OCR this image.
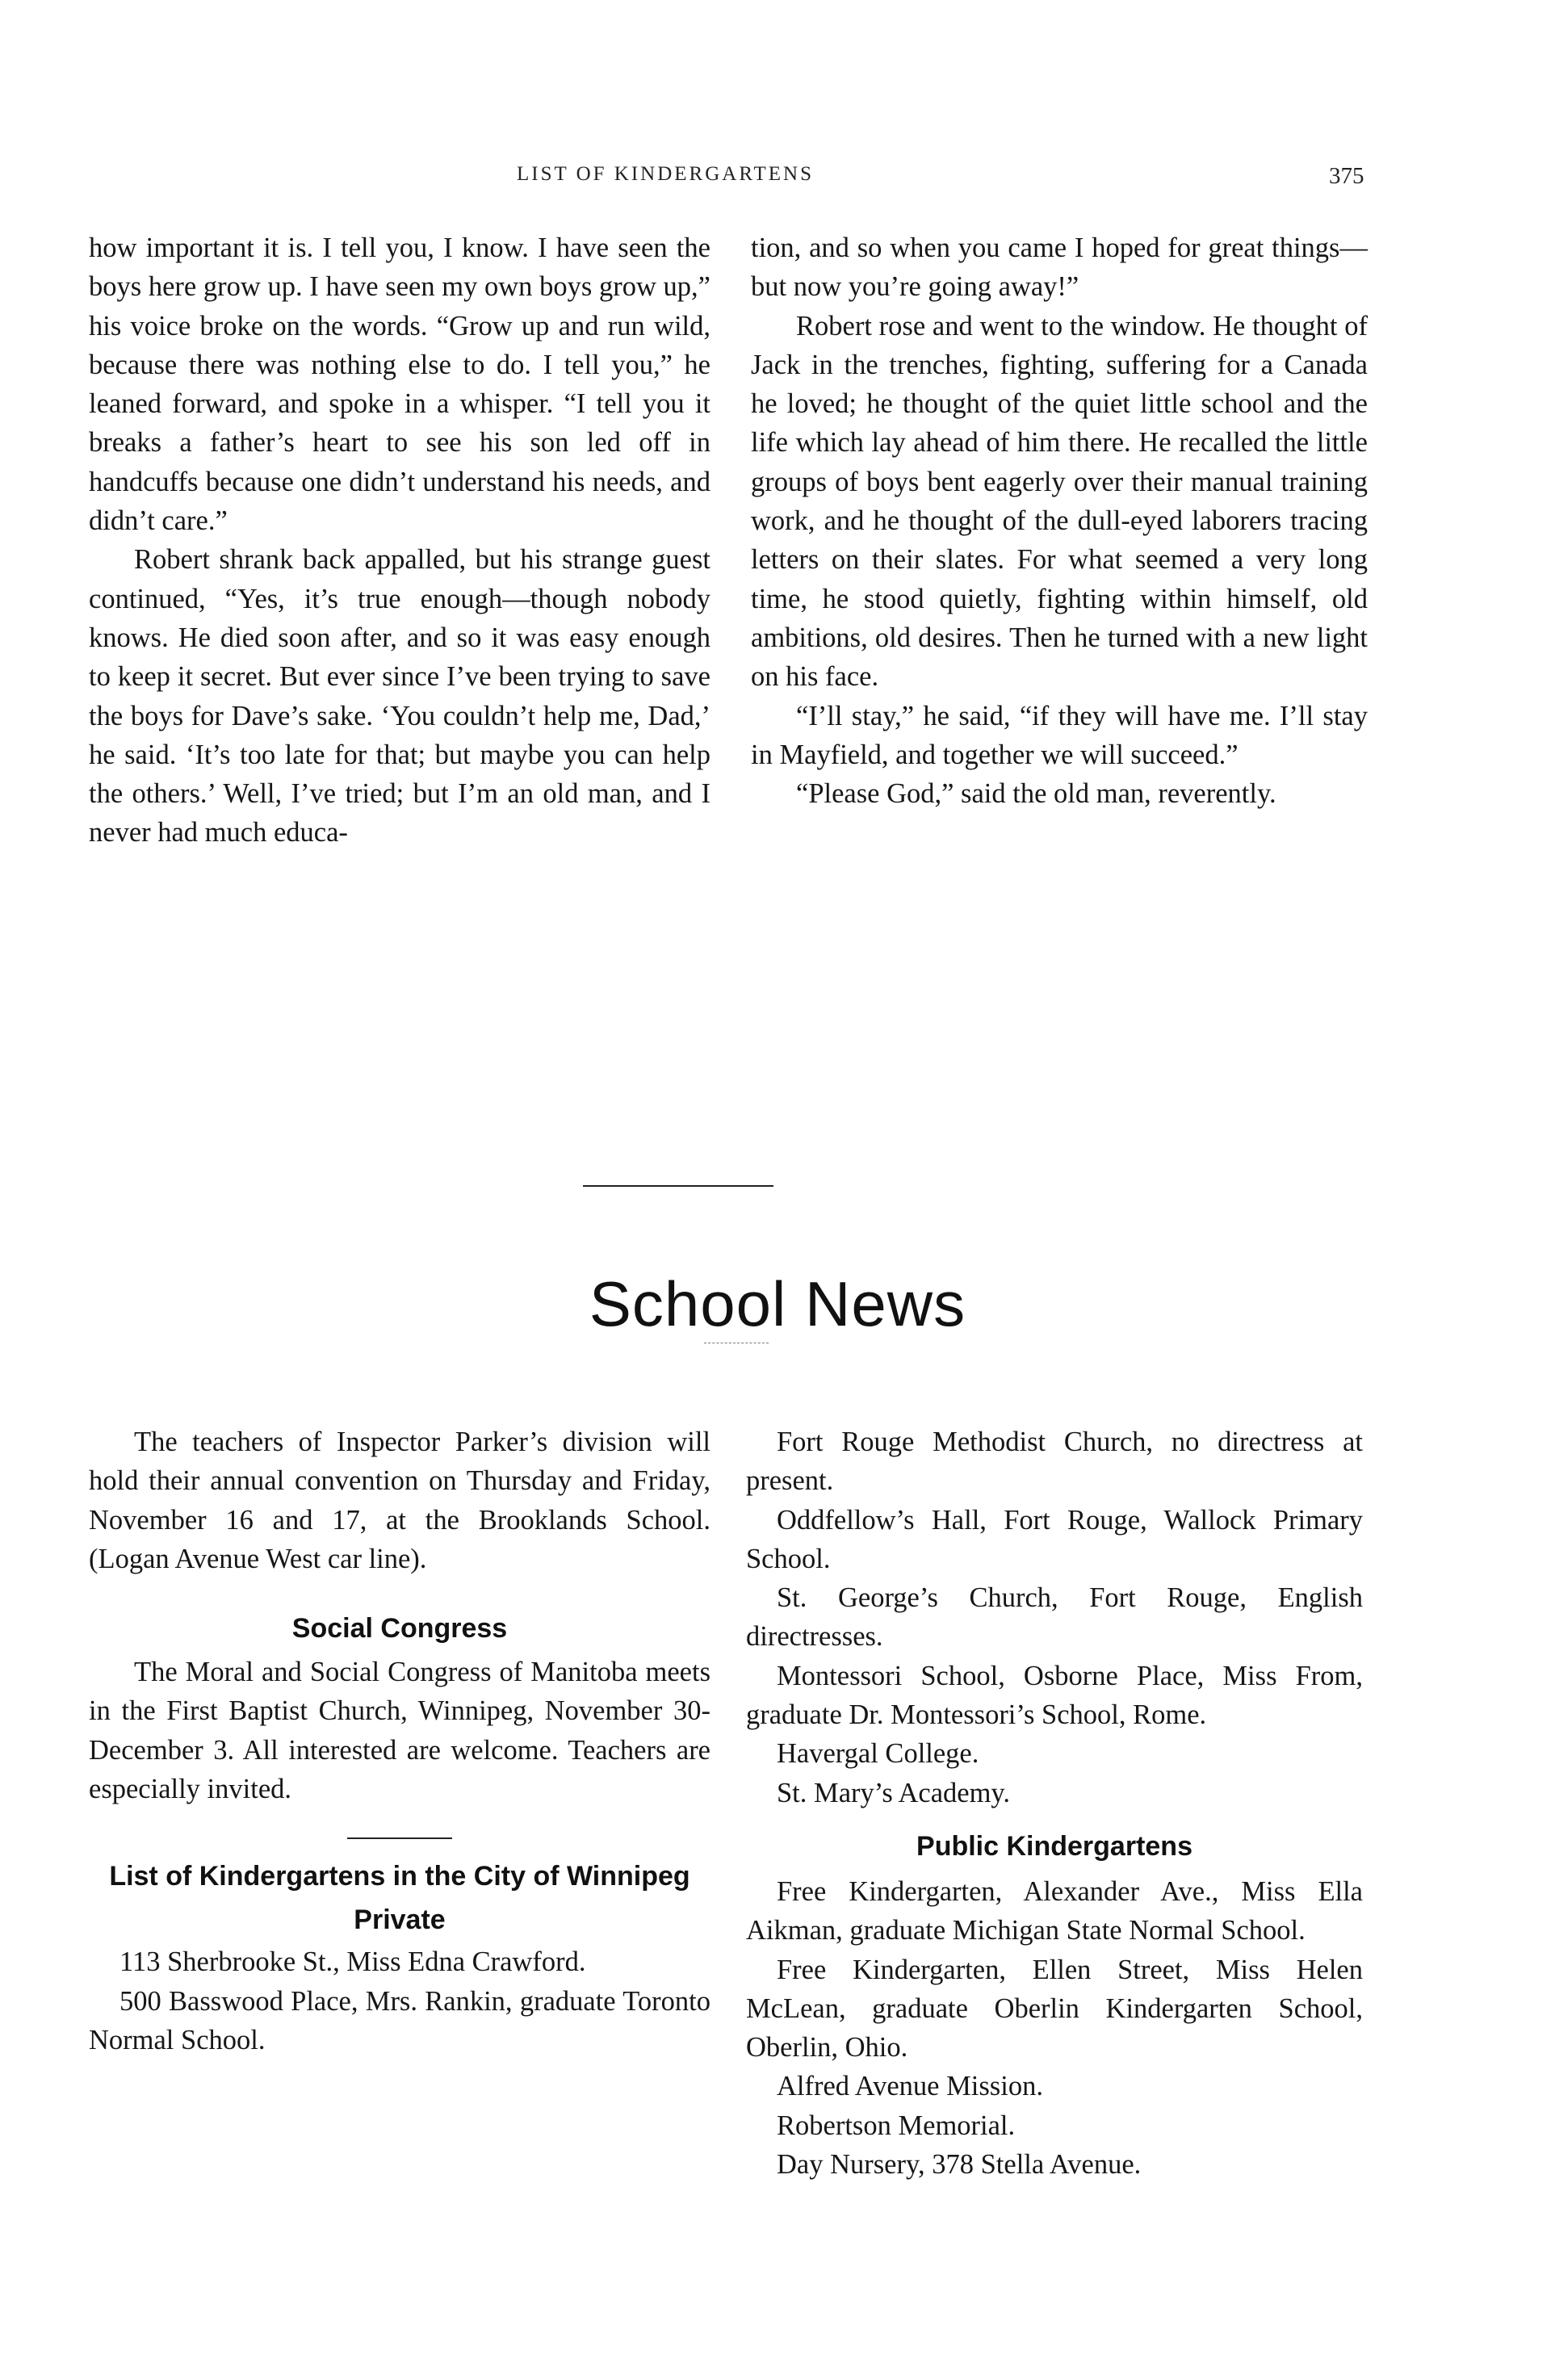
LIST OF KINDERGARTENS	375

how important it is. I tell you, I know. I have seen the boys here grow up. I have seen my own boys grow up,” his voice broke on the words. “Grow up and run wild, because there was nothing else to do. I tell you,” he leaned forward, and spoke in a whisper. “I tell you it breaks a father’s heart to see his son led off in handcuffs because one didn’t understand his needs, and didn’t care.”

Robert shrank back appalled, but his strange guest continued, “Yes, it’s true enough—though nobody knows. He died soon after, and so it was easy enough to keep it secret. But ever since I’ve been trying to save the boys for Dave’s sake. ‘You couldn’t help me, Dad,’ he said. ‘It’s too late for that; but maybe you can help the others.’ Well, I’ve tried; but I’m an old man, and I never had much educa-

tion, and so when you came I hoped for great things—but now you’re going away!”

Robert rose and went to the window. He thought of Jack in the trenches, fighting, suffering for a Canada he loved; he thought of the quiet little school and the life which lay ahead of him there. He recalled the little groups of boys bent eagerly over their manual training work, and he thought of the dull-eyed laborers tracing letters on their slates. For what seemed a very long time, he stood quietly, fighting within himself, old ambitions, old desires. Then he turned with a new light on his face.

“I’ll stay,” he said, “if they will have me. I’ll stay in Mayfield, and together we will succeed.”

“Please God,” said the old man, reverently.

School News

The teachers of Inspector Parker’s division will hold their annual convention on Thursday and Friday, November 16 and 17, at the Brooklands School. (Logan Avenue West car line).

Social Congress

The Moral and Social Congress of Manitoba meets in the First Baptist Church, Winnipeg, November 30-December 3. All interested are welcome. Teachers are especially invited.

List of Kindergartens in the City of Winnipeg
Private

113 Sherbrooke St., Miss Edna Crawford.

500 Basswood Place, Mrs. Rankin, graduate Toronto Normal School.

Fort Rouge Methodist Church, no directress at present.

Oddfellow’s Hall, Fort Rouge, Wallock Primary School.

St. George’s Church, Fort Rouge, English directresses.

Montessori School, Osborne Place, Miss From, graduate Dr. Montessori’s School, Rome.

Havergal College.

St. Mary’s Academy.

Public Kindergartens

Free Kindergarten, Alexander Ave., Miss Ella Aikman, graduate Michigan State Normal School.

Free Kindergarten, Ellen Street, Miss Helen McLean, graduate Oberlin Kindergarten School, Oberlin, Ohio.

Alfred Avenue Mission.

Robertson Memorial.

Day Nursery, 378 Stella Avenue.
